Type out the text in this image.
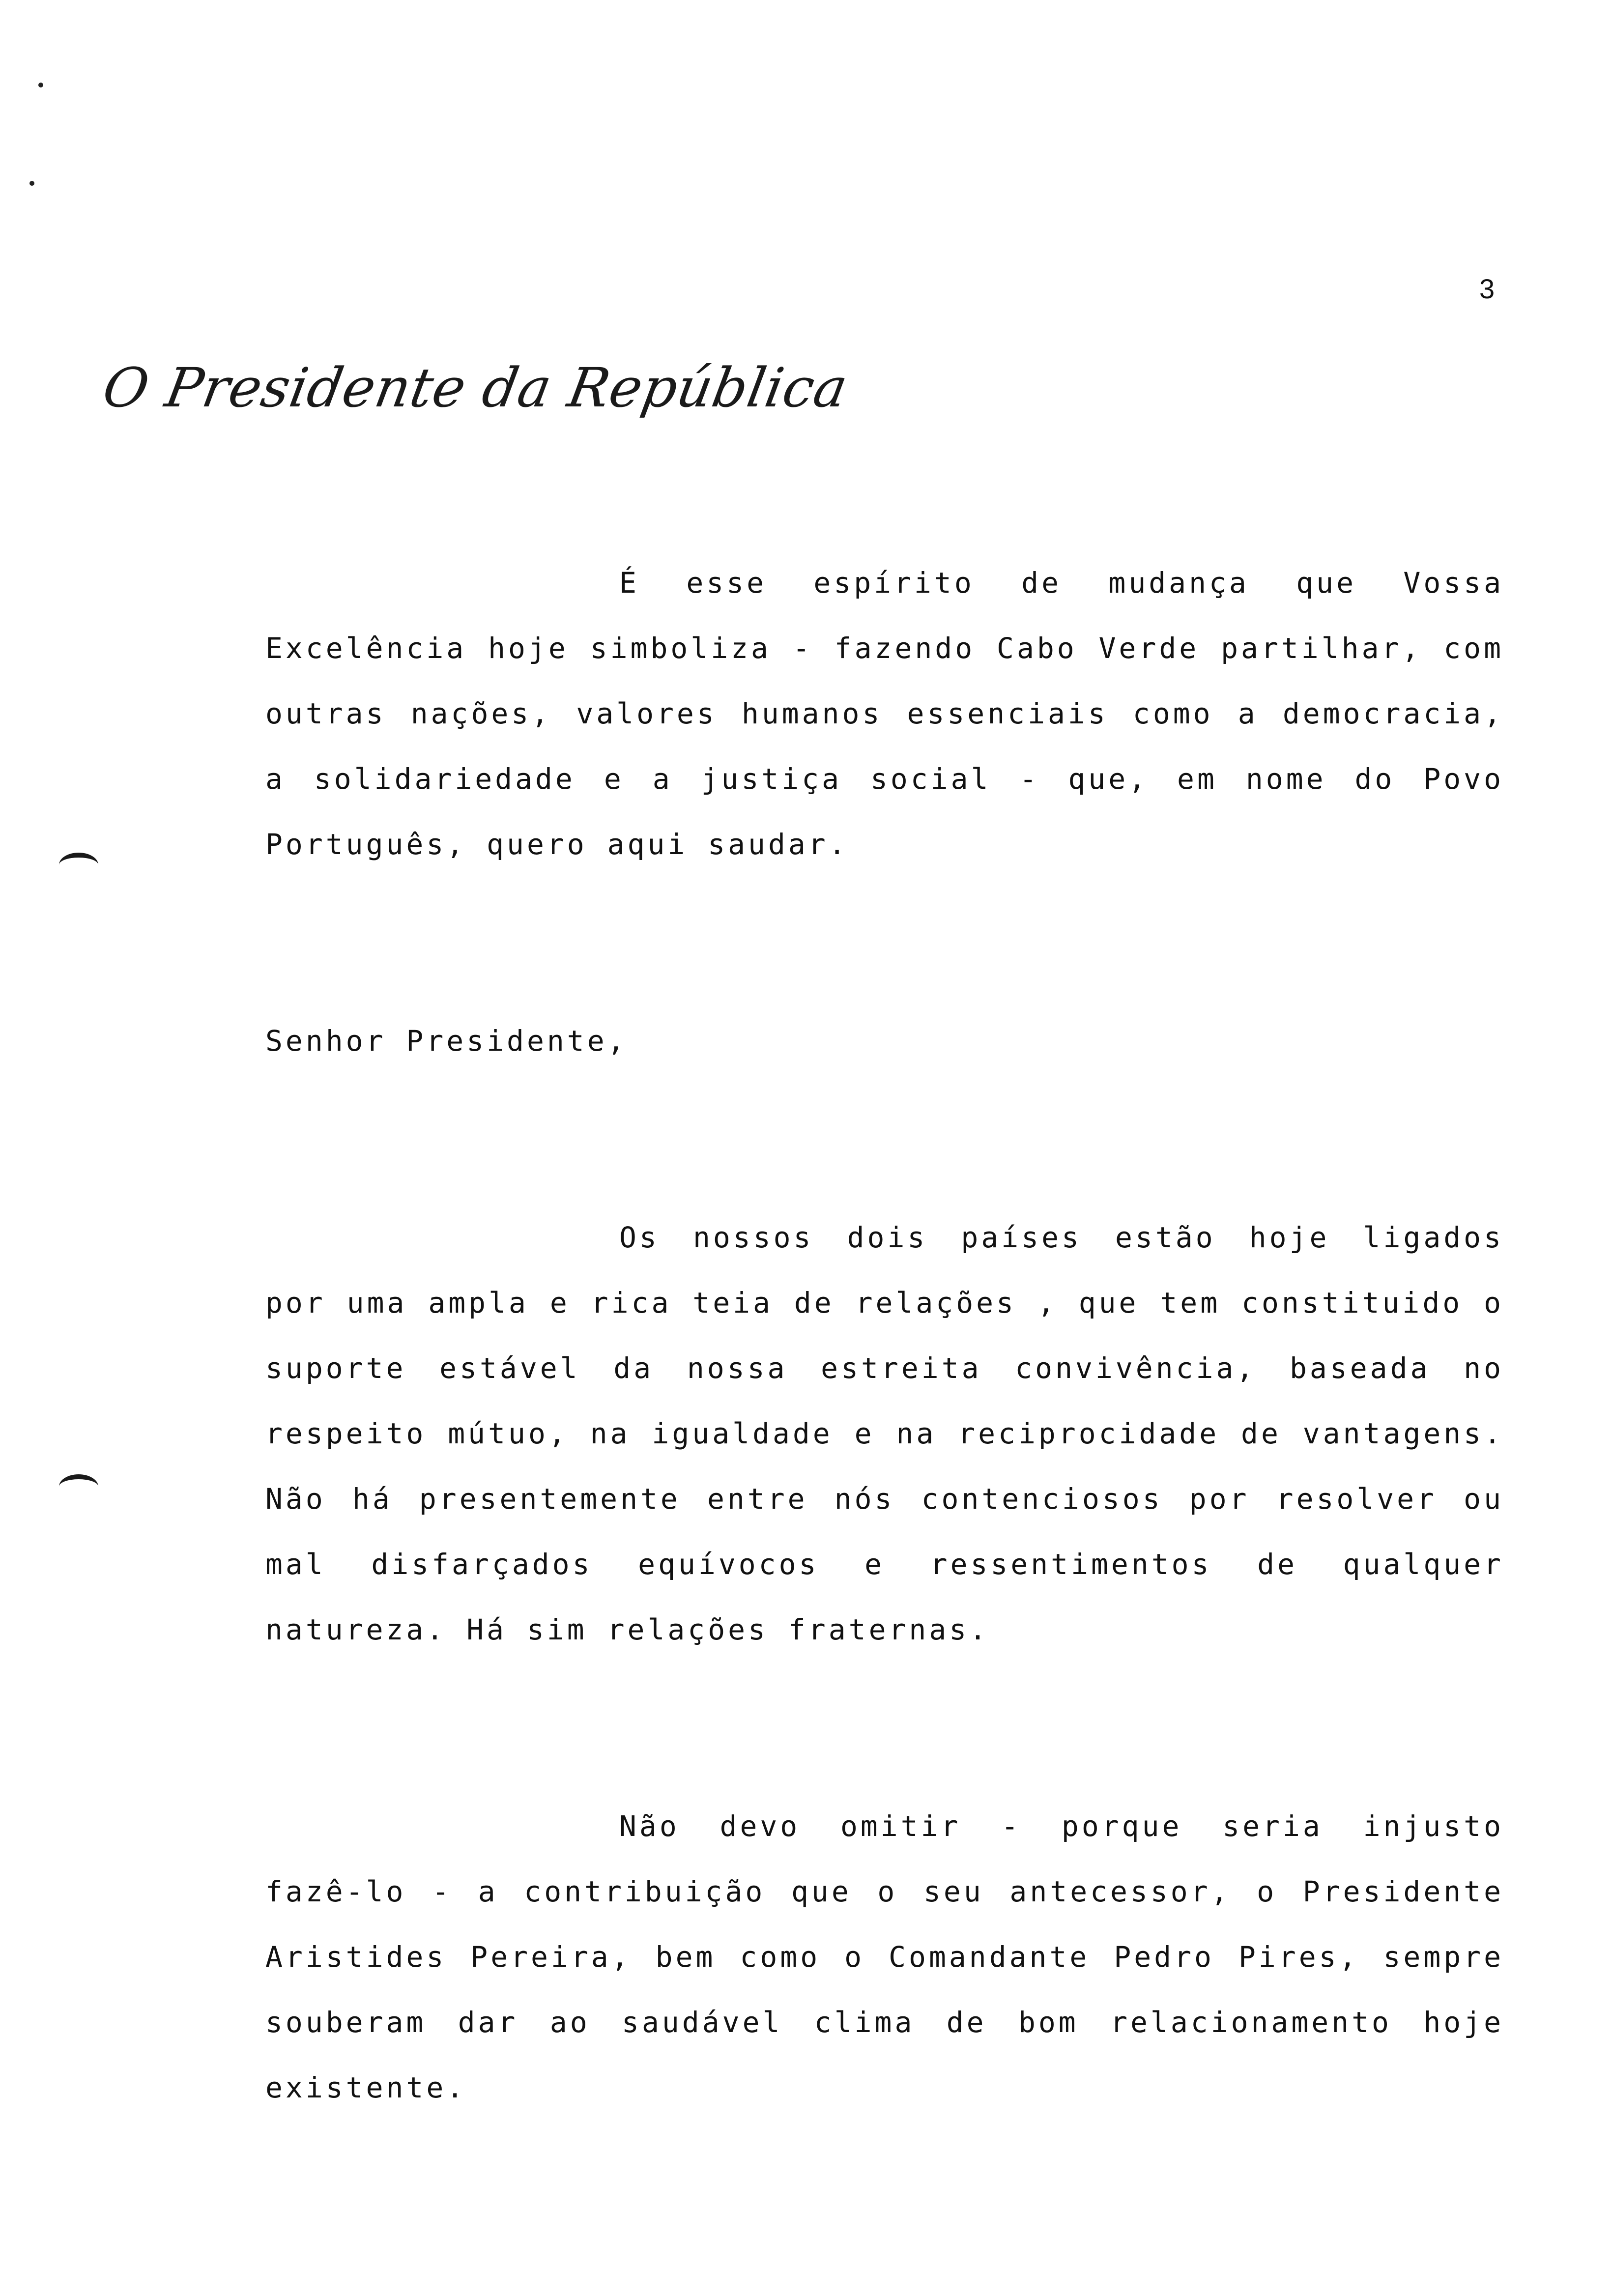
3
O Presidente da República

É esse espírito de mudança que Vossa Excelência hoje simboliza - fazendo Cabo Verde partilhar, com outras nações, valores humanos essenciais como a democracia, a solidariedade e a justiça social - que, em nome do Povo Português, quero aqui saudar.

Senhor Presidente,

Os nossos dois países estão hoje ligados por uma ampla e rica teia de relações , que tem constituido o suporte estável da nossa estreita convivência, baseada no respeito mútuo, na igualdade e na reciprocidade de vantagens. Não há presentemente entre nós contenciosos por resolver ou mal disfarçados equívocos e ressentimentos de qualquer natureza. Há sim relações fraternas.

Não devo omitir - porque seria injusto fazê-lo - a contribuição que o seu antecessor, o Presidente Aristides Pereira, bem como o Comandante Pedro Pires, sempre souberam dar ao saudável clima de bom relacionamento hoje existente.
